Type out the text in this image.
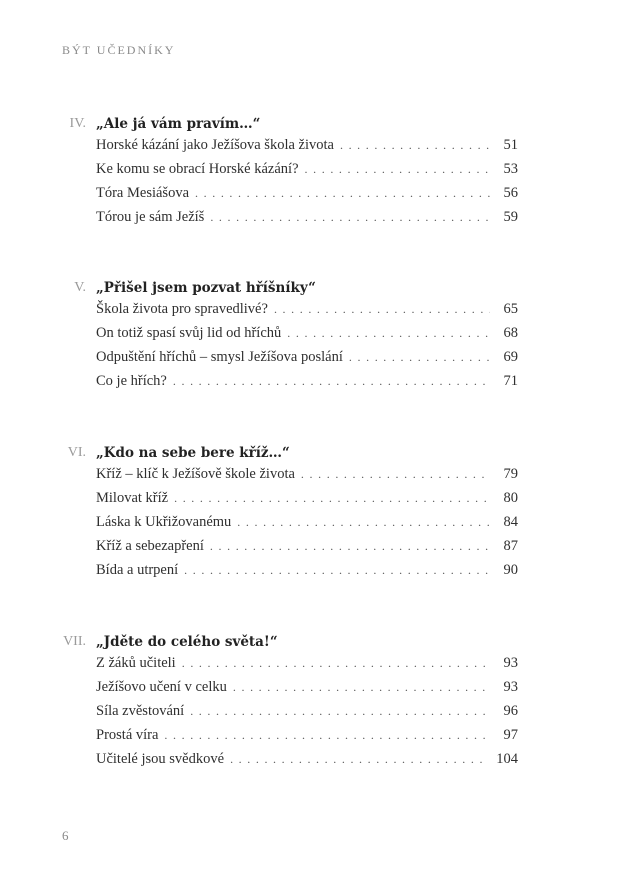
BÝT UČEDNÍKY
IV. „Ale já vám pravím…“
Horské kázání jako Ježíšova škola života . . .	51
Ke komu se obrací Horské kázání? . . .	53
Tóra Mesiášova . . .	56
Tórou je sám Ježíš . . .	59
V. „Přišel jsem pozvat hříšníky“
Škola života pro spravedlivé? . . .	65
On totiž spasí svůj lid od hříchů . . .	68
Odpuštění hříchů – smysl Ježíšova poslání . . .	69
Co je hřích? . . .	71
VI. „Kdo na sebe bere kříž…“
Kříž – klíč k Ježíšově škole života . . .	79
Milovat kříž . . .	80
Láska k Ukřižovanému . . .	84
Kříž a sebezapření . . .	87
Bída a utrpení . . .	90
VII. „Jděte do celého světa!“
Z žáků učiteli . . .	93
Ježíšovo učení v celku . . .	93
Síla zvěstování . . .	96
Prostá víra . . .	97
Učitelé jsou svědkové . . .	104
6
